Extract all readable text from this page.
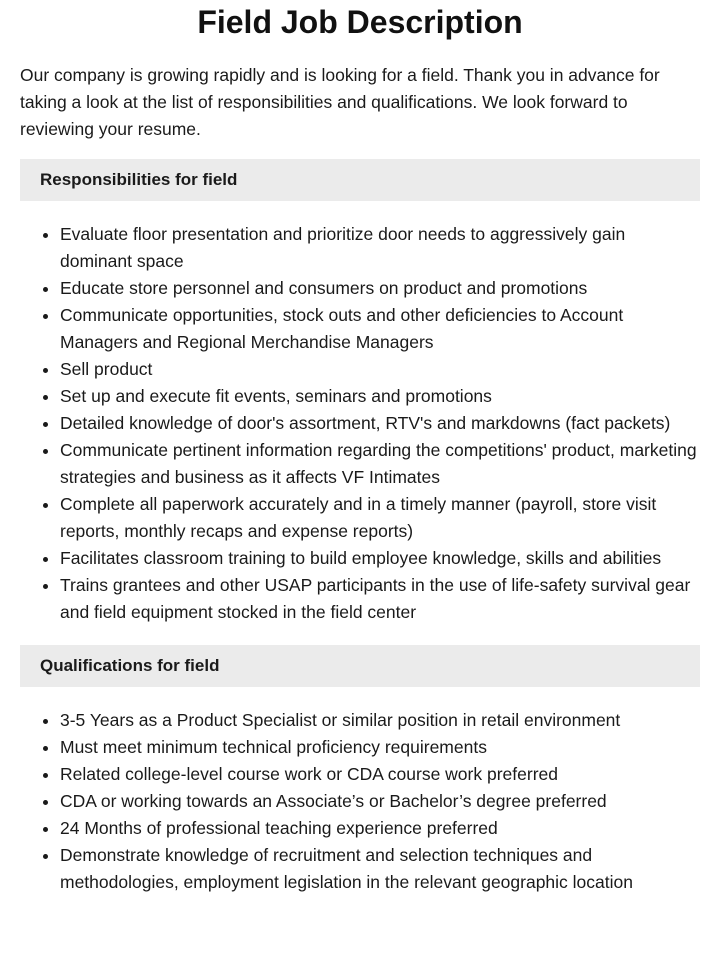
Field Job Description

Our company is growing rapidly and is looking for a field. Thank you in advance for taking a look at the list of responsibilities and qualifications. We look forward to reviewing your resume.

Responsibilities for field
• Evaluate floor presentation and prioritize door needs to aggressively gain dominant space
• Educate store personnel and consumers on product and promotions
• Communicate opportunities, stock outs and other deficiencies to Account Managers and Regional Merchandise Managers
• Sell product
• Set up and execute fit events, seminars and promotions
• Detailed knowledge of door's assortment, RTV's and markdowns (fact packets)
• Communicate pertinent information regarding the competitions' product, marketing strategies and business as it affects VF Intimates
• Complete all paperwork accurately and in a timely manner (payroll, store visit reports, monthly recaps and expense reports)
• Facilitates classroom training to build employee knowledge, skills and abilities
• Trains grantees and other USAP participants in the use of life-safety survival gear and field equipment stocked in the field center
Qualifications for field
• 3-5 Years as a Product Specialist or similar position in retail environment
• Must meet minimum technical proficiency requirements
• Related college-level course work or CDA course work preferred
• CDA or working towards an Associate’s or Bachelor’s degree preferred
• 24 Months of professional teaching experience preferred
• Demonstrate knowledge of recruitment and selection techniques and methodologies, employment legislation in the relevant geographic location
